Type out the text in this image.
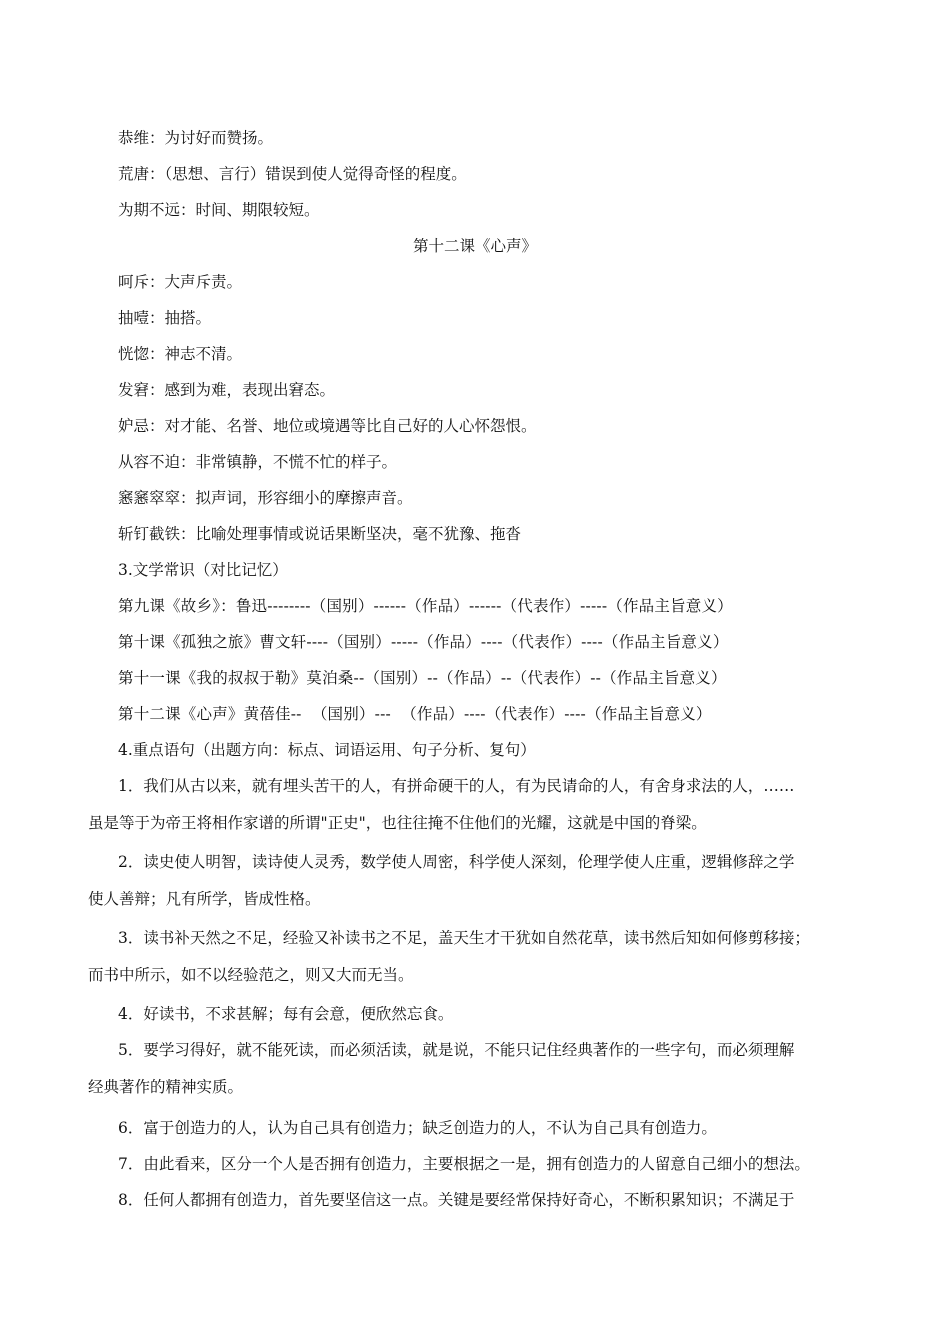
恭维：为讨好而赞扬。
荒唐：（思想、言行）错误到使人觉得奇怪的程度。
为期不远：时间、期限较短。
第十二课《心声》
呵斥：大声斥责。
抽噎：抽搭。
恍惚：神志不清。
发窘：感到为难，表现出窘态。
妒忌：对才能、名誉、地位或境遇等比自己好的人心怀怨恨。
从容不迫：非常镇静，不慌不忙的样子。
窸窸窣窣：拟声词，形容细小的摩擦声音。
斩钉截铁：比喻处理事情或说话果断坚决，毫不犹豫、拖沓
3.文学常识（对比记忆）
第九课《故乡》：鲁迅--------（国别）------（作品）------（代表作）-----（作品主旨意义）
第十课《孤独之旅》曹文轩----（国别）-----（作品）----（代表作）----（作品主旨意义）
第十一课《我的叔叔于勒》莫泊桑--（国别）--（作品）--（代表作）--（作品主旨意义）
第十二课《心声》黄蓓佳--  （国别）---  （作品）----（代表作）----（作品主旨意义）
4.重点语句（出题方向：标点、词语运用、句子分析、复句）
1．我们从古以来，就有埋头苦干的人，有拼命硬干的人，有为民请命的人，有舍身求法的人，……
虽是等于为帝王将相作家谱的所谓"正史"，也往往掩不住他们的光耀，这就是中国的脊梁。
2．读史使人明智，读诗使人灵秀，数学使人周密，科学使人深刻，伦理学使人庄重，逻辑修辞之学
使人善辩；凡有所学，皆成性格。
3．读书补天然之不足，经验又补读书之不足，盖天生才干犹如自然花草，读书然后知如何修剪移接；
而书中所示，如不以经验范之，则又大而无当。
4．好读书，不求甚解；每有会意，便欣然忘食。
5．要学习得好，就不能死读，而必须活读，就是说，不能只记住经典著作的一些字句，而必须理解
经典著作的精神实质。
6．富于创造力的人，认为自己具有创造力；缺乏创造力的人，不认为自己具有创造力。
7．由此看来，区分一个人是否拥有创造力，主要根据之一是，拥有创造力的人留意自己细小的想法。
8．任何人都拥有创造力，首先要坚信这一点。关键是要经常保持好奇心，不断积累知识；不满足于
